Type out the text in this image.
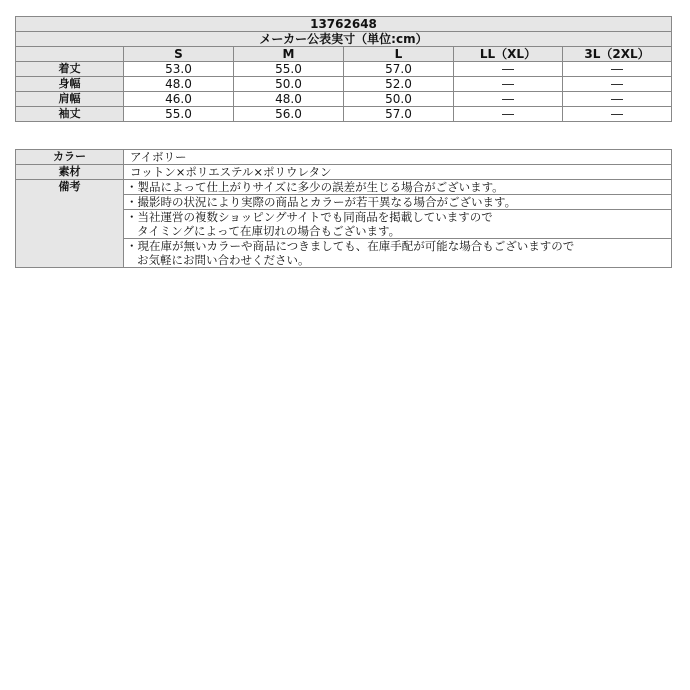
13762648					
メーカー公表実寸（単位:cm）					
	S	M	L	LL（XL）	3L（2XL）
着丈	53.0	55.0	57.0	―	―
身幅	48.0	50.0	52.0	―	―
肩幅	46.0	48.0	50.0	―	―
袖丈	55.0	56.0	57.0	―	―
カラー	アイボリー
素材	コットン×ポリエステル×ポリウレタン
備考	・製品によって仕上がりサイズに多少の誤差が生じる場合がございます。

	・撮影時の状況により実際の商品とカラーが若干異なる場合がございます。

	・当社運営の複数ショッピングサイトでも同商品を掲載していますので
タイミングによって在庫切れの場合もございます。

	・現在庫が無いカラーや商品につきましても、在庫手配が可能な場合もございますので
お気軽にお問い合わせください。
